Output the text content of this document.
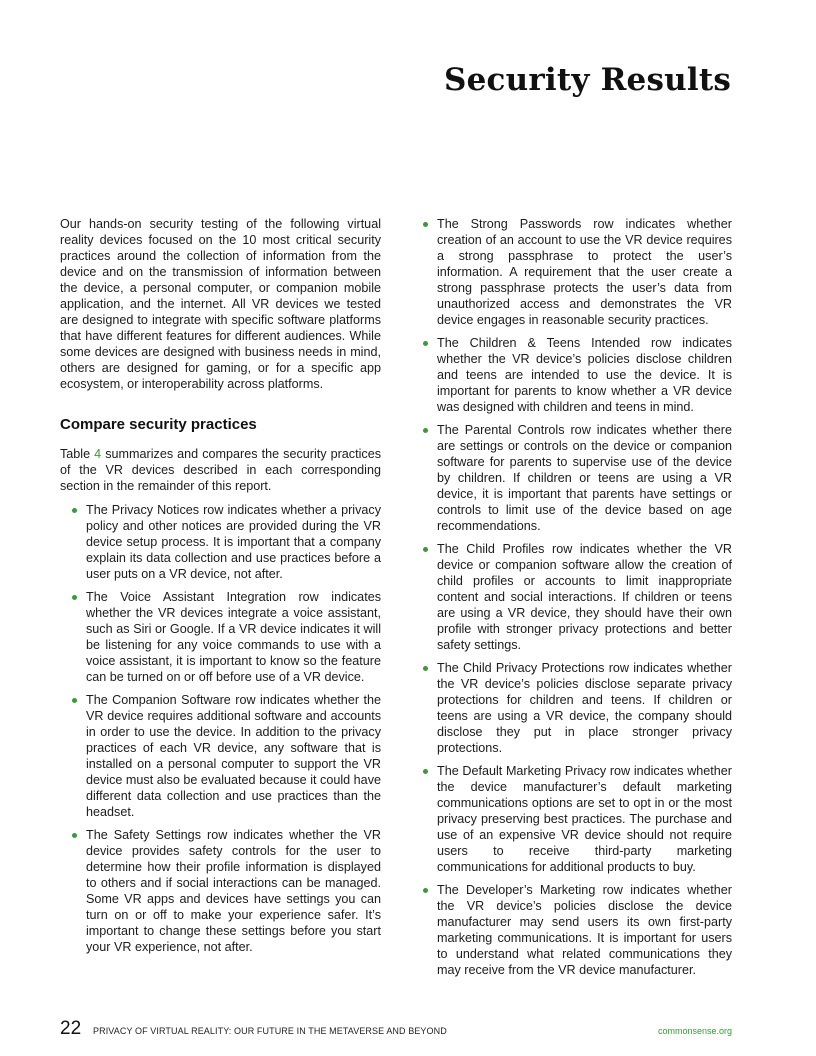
Security Results

Our hands-on security testing of the following virtual reality devices focused on the 10 most critical security practices around the collection of information from the device and on the transmission of information between the device, a personal computer, or companion mobile application, and the internet. All VR devices we tested are designed to integrate with specific software platforms that have different features for different audiences. While some devices are designed with business needs in mind, others are designed for gaming, or for a specific app ecosystem, or interoperability across platforms.

Compare security practices

Table 4 summarizes and compares the security practices of the VR devices described in each corresponding section in the remainder of this report.

The Privacy Notices row indicates whether a privacy policy and other notices are provided during the VR device setup process. It is important that a company explain its data collection and use practices before a user puts on a VR device, not after.
The Voice Assistant Integration row indicates whether the VR devices integrate a voice assistant, such as Siri or Google. If a VR device indicates it will be listening for any voice commands to use with a voice assistant, it is important to know so the feature can be turned on or off before use of a VR device.
The Companion Software row indicates whether the VR device requires additional software and accounts in order to use the device. In addition to the privacy practices of each VR device, any software that is installed on a personal computer to support the VR device must also be evaluated because it could have different data collection and use practices than the headset.
The Safety Settings row indicates whether the VR device provides safety controls for the user to determine how their profile information is displayed to others and if social interactions can be managed. Some VR apps and devices have settings you can turn on or off to make your experience safer. It’s important to change these settings before you start your VR experience, not after.
The Strong Passwords row indicates whether creation of an account to use the VR device requires a strong passphrase to protect the user’s information. A requirement that the user create a strong passphrase protects the user’s data from unauthorized access and demonstrates the VR device engages in reasonable security practices.
The Children & Teens Intended row indicates whether the VR device’s policies disclose children and teens are intended to use the device. It is important for parents to know whether a VR device was designed with children and teens in mind.
The Parental Controls row indicates whether there are settings or controls on the device or companion software for parents to supervise use of the device by children. If children or teens are using a VR device, it is important that parents have settings or controls to limit use of the device based on age recommendations.
The Child Profiles row indicates whether the VR device or companion software allow the creation of child profiles or accounts to limit inappropriate content and social interactions. If children or teens are using a VR device, they should have their own profile with stronger privacy protections and better safety settings.
The Child Privacy Protections row indicates whether the VR device’s policies disclose separate privacy protections for children and teens. If children or teens are using a VR device, the company should disclose they put in place stronger privacy protections.
The Default Marketing Privacy row indicates whether the device manufacturer’s default marketing communications options are set to opt in or the most privacy preserving best practices. The purchase and use of an expensive VR device should not require users to receive third-party marketing communications for additional products to buy.
The Developer’s Marketing row indicates whether the VR device’s policies disclose the device manufacturer may send users its own first-party marketing communications. It is important for users to understand what related communications they may receive from the VR device manufacturer.
22 PRIVACY OF VIRTUAL REALITY: OUR FUTURE IN THE METAVERSE AND BEYOND	commonsense.org
